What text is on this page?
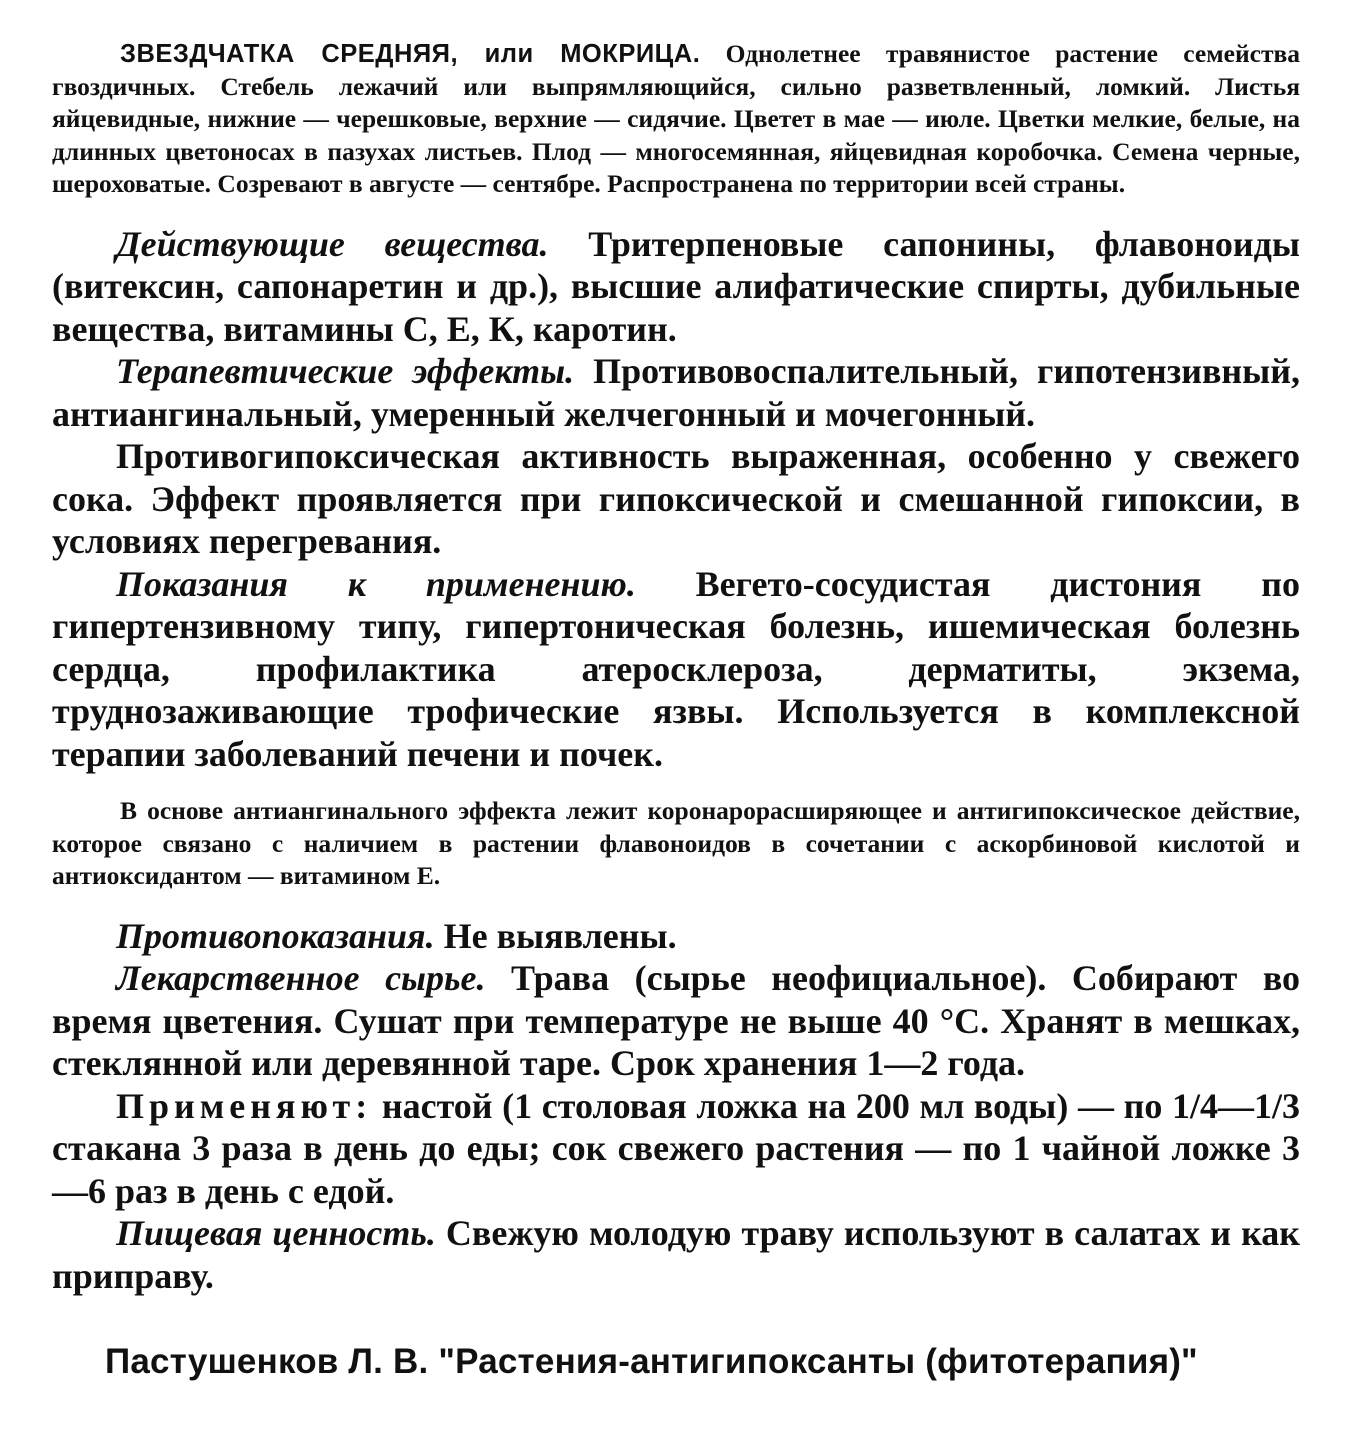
ЗВЕЗДЧАТКА СРЕДНЯЯ, или МОКРИЦА. Однолетнее травянистое растение семейства гвоздичных. Стебель лежачий или выпрямляющийся, сильно разветвленный, ломкий. Листья яйцевидные, нижние — черешковые, верхние — сидячие. Цветет в мае — июле. Цветки мелкие, белые, на длинных цветоносах в пазухах листьев. Плод — многосемянная, яйцевидная коробочка. Семена черные, шероховатые. Созревают в августе — сентябре. Распространена по территории всей страны.

Действующие вещества. Тритерпеновые сапонины, флавоноиды (витексин, сапонаретин и др.), высшие алифатические спирты, дубильные вещества, витамины С, Е, К, каротин.

Терапевтические эффекты. Противовоспалительный, гипотензивный, антиангинальный, умеренный желчегонный и мочегонный.

Противогипоксическая активность выраженная, особенно у свежего сока. Эффект проявляется при гипоксической и смешанной гипоксии, в условиях перегревания.

Показания к применению. Вегето-сосудистая дистония по гипертензивному типу, гипертоническая болезнь, ишемическая болезнь сердца, профилактика атеросклероза, дерматиты, экзема, труднозаживающие трофические язвы. Используется в комплексной терапии заболеваний печени и почек.

В основе антиангинального эффекта лежит коронарорасширяющее и антигипоксическое действие, которое связано с наличием в растении флавоноидов в сочетании с аскорбиновой кислотой и антиоксидантом — витамином Е.

Противопоказания. Не выявлены.

Лекарственное сырье. Трава (сырье неофициальное). Собирают во время цветения. Сушат при температуре не выше 40 °С. Хранят в мешках, стеклянной или деревянной таре. Срок хранения 1—2 года.

Применяют: настой (1 столовая ложка на 200 мл воды) — по 1/4—1/3 стакана 3 раза в день до еды; сок свежего растения — по 1 чайной ложке 3—6 раз в день с едой.

Пищевая ценность. Свежую молодую траву используют в салатах и как приправу.

Пастушенков Л. В. "Растения-антигипоксанты (фитотерапия)"
